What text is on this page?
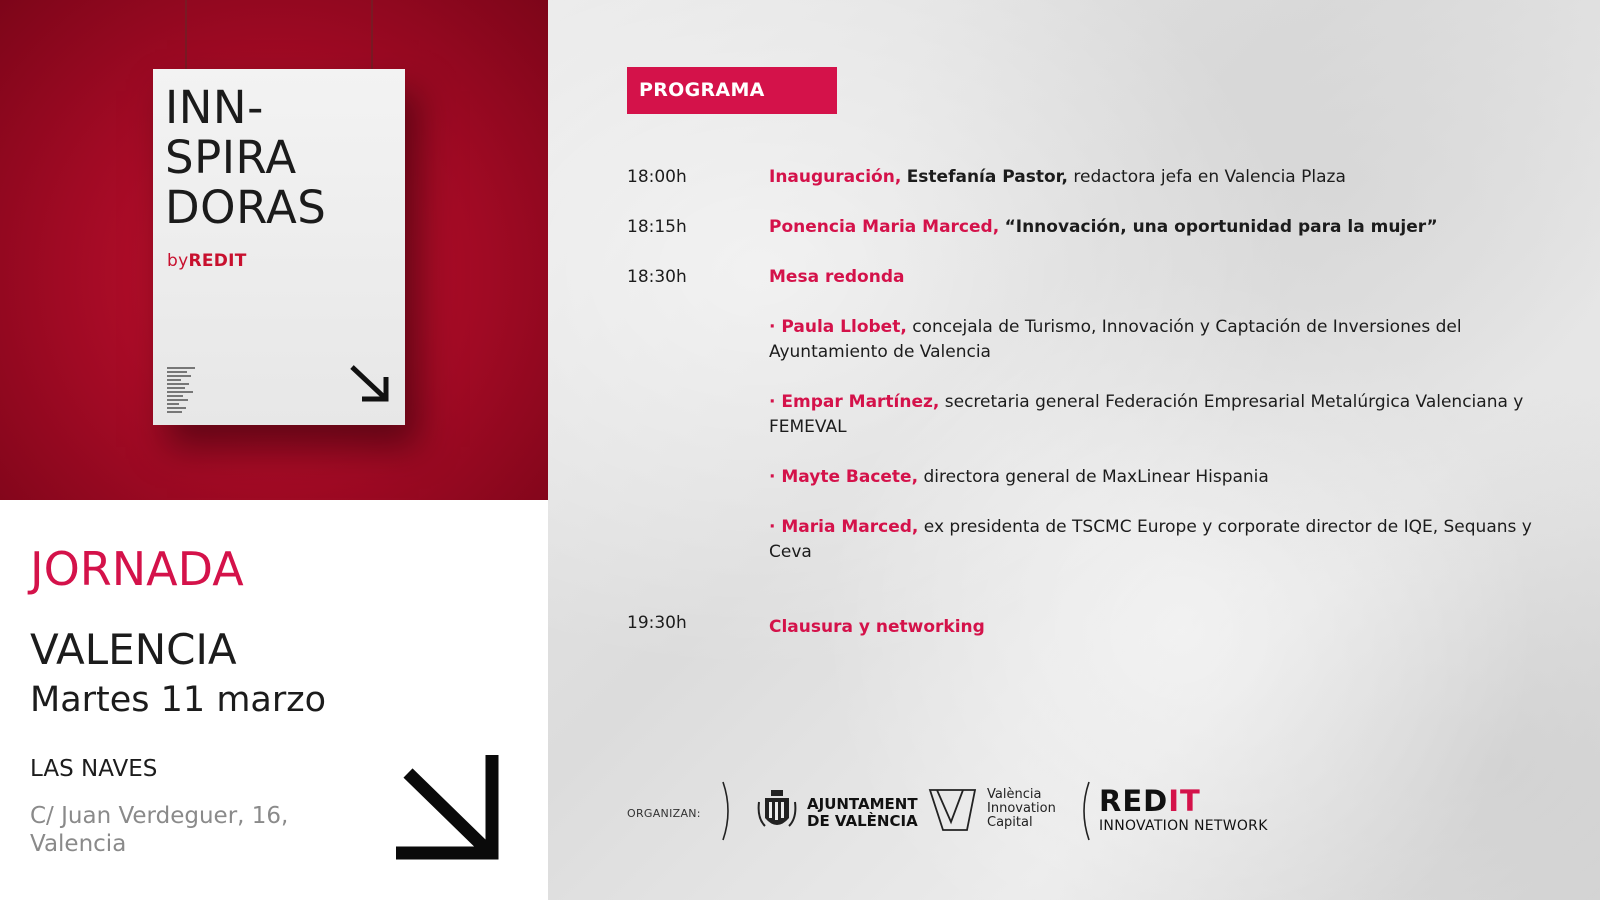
INN-
SPIRA
DORAS
byREDIT
JORNADA
VALENCIA
Martes 11 marzo
LAS NAVES
C/ Juan Verdeguer, 16,
Valencia
PROGRAMA
18:00h	Inauguración, Estefanía Pastor, redactora jefa en Valencia Plaza
18:15h	Ponencia Maria Marced, “Innovación, una oportunidad para la mujer”
18:30h	Mesa redonda
· Paula Llobet, concejala de Turismo, Innovación y Captación de Inversiones del Ayuntamiento de Valencia
· Empar Martínez, secretaria general Federación Empresarial Metalúrgica Valenciana y FEMEVAL
· Mayte Bacete, directora general de MaxLinear Hispania
· Maria Marced, ex presidenta de TSCMC Europe y corporate director de IQE, Sequans y Ceva
19:30h	Clausura y networking
ORGANIZAN:
AJUNTAMENT
DE VALÈNCIA
València
Innovation
Capital
REDIT
INNOVATION NETWORK
